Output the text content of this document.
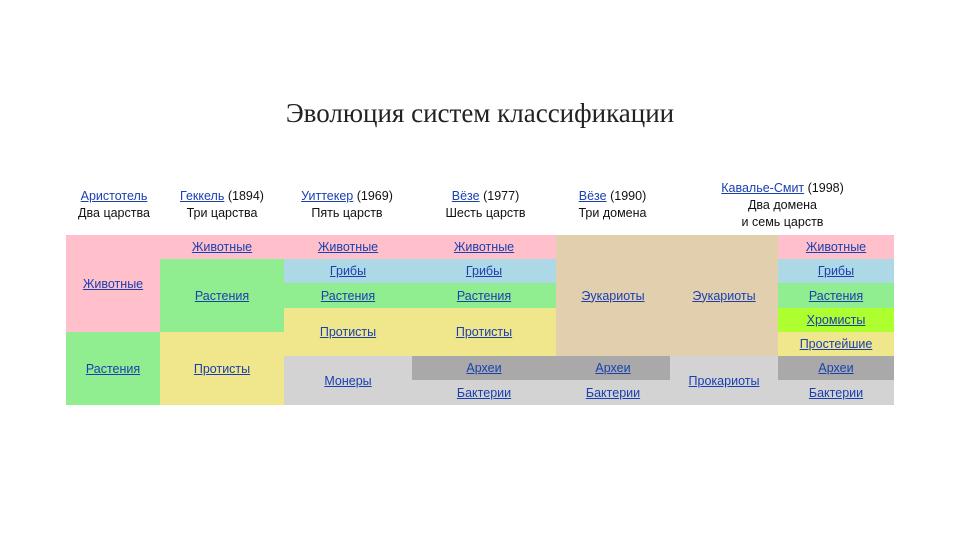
Эволюция систем классификации
Аристотель
Два царства
Геккель (1894)
Три царства
Уиттекер (1969)
Пять царств
Вёзе (1977)
Шесть царств
Вёзе (1990)
Три домена
Кавалье-Смит (1998)
Два домена
и семь царств
Животные
Растения
Животные
Растения
Протисты
Животные
Грибы
Растения
Протисты
Монеры
Животные
Грибы
Растения
Протисты
Археи
Бактерии
Эукариоты
Археи
Бактерии
Эукариоты
Прокариоты
Животные
Грибы
Растения
Хромисты
Простейшие
Археи
Бактерии
